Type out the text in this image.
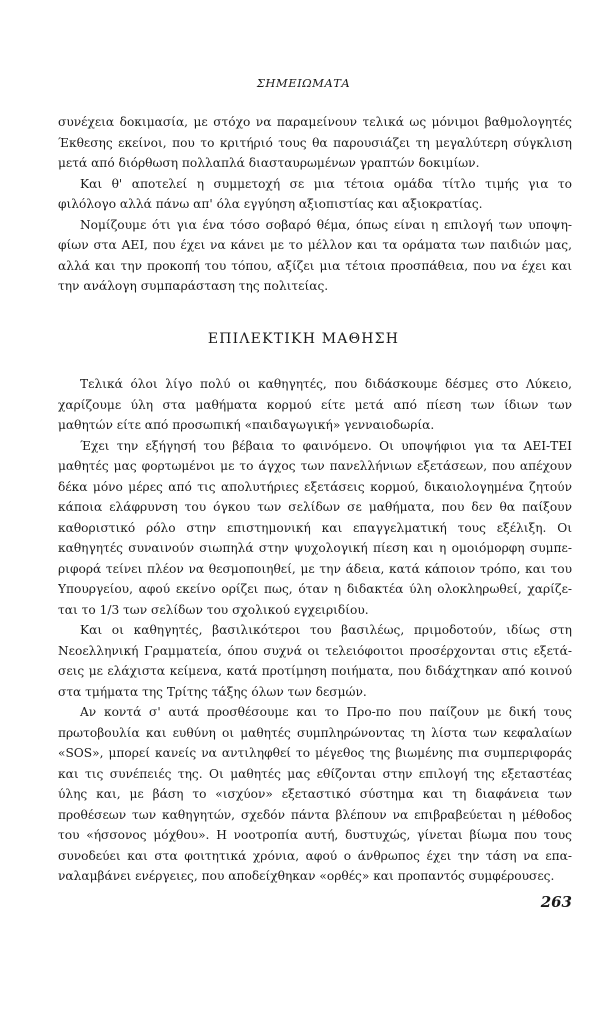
ΣΗΜΕΙΩΜΑΤΑ
συνέχεια δοκιμασία, με στόχο να παραμείνουν τελικά ως μόνιμοι βαθμολογητές
Έκθεσης εκείνοι, που το κριτήριό τους θα παρουσιάζει τη μεγαλύτερη σύγκλιση
μετά από διόρθωση πολλαπλά διασταυρωμένων γραπτών δοκιμίων.
Και θ' αποτελεί η συμμετοχή σε μια τέτοια ομάδα τίτλο τιμής για το
φιλόλογο αλλά πάνω απ' όλα εγγύηση αξιοπιστίας και αξιοκρατίας.
Νομίζουμε ότι για ένα τόσο σοβαρό θέμα, όπως είναι η επιλογή των υποψη-
φίων στα ΑΕΙ, που έχει να κάνει με το μέλλον και τα οράματα των παιδιών μας,
αλλά και την προκοπή του τόπου, αξίζει μια τέτοια προσπάθεια, που να έχει και
την ανάλογη συμπαράσταση της πολιτείας.
ΕΠΙΛΕΚΤΙΚΗ ΜΑΘΗΣΗ
Τελικά όλοι λίγο πολύ οι καθηγητές, που διδάσκουμε δέσμες στο Λύκειο,
χαρίζουμε ύλη στα μαθήματα κορμού είτε μετά από πίεση των ίδιων των
μαθητών είτε από προσωπική «παιδαγωγική» γενναιοδωρία.
Έχει την εξήγησή του βέβαια το φαινόμενο. Οι υποψήφιοι για τα ΑΕΙ-ΤΕΙ
μαθητές μας φορτωμένοι με το άγχος των πανελλήνιων εξετάσεων, που απέχουν
δέκα μόνο μέρες από τις απολυτήριες εξετάσεις κορμού, δικαιολογημένα ζητούν
κάποια ελάφρυνση του όγκου των σελίδων σε μαθήματα, που δεν θα παίξουν
καθοριστικό ρόλο στην επιστημονική και επαγγελματική τους εξέλιξη. Οι
καθηγητές συναινούν σιωπηλά στην ψυχολογική πίεση και η ομοιόμορφη συμπε-
ριφορά τείνει πλέον να θεσμοποιηθεί, με την άδεια, κατά κάποιον τρόπο, και του
Υπουργείου, αφού εκείνο ορίζει πως, όταν η διδακτέα ύλη ολοκληρωθεί, χαρίζε-
ται το 1/3 των σελίδων του σχολικού εγχειριδίου.
Και οι καθηγητές, βασιλικότεροι του βασιλέως, πριμοδοτούν, ιδίως στη
Νεοελληνική Γραμματεία, όπου συχνά οι τελειόφοιτοι προσέρχονται στις εξετά-
σεις με ελάχιστα κείμενα, κατά προτίμηση ποιήματα, που διδάχτηκαν από κοινού
στα τμήματα της Τρίτης τάξης όλων των δεσμών.
Αν κοντά σ' αυτά προσθέσουμε και το Προ-πο που παίζουν με δική τους
πρωτοβουλία και ευθύνη οι μαθητές συμπληρώνοντας τη λίστα των κεφαλαίων
«SOS», μπορεί κανείς να αντιληφθεί το μέγεθος της βιωμένης πια συμπεριφοράς
και τις συνέπειές της. Οι μαθητές μας εθίζονται στην επιλογή της εξεταστέας
ύλης και, με βάση το «ισχύον» εξεταστικό σύστημα και τη διαφάνεια των
προθέσεων των καθηγητών, σχεδόν πάντα βλέπουν να επιβραβεύεται η μέθοδος
του «ήσσονος μόχθου». Η νοοτροπία αυτή, δυστυχώς, γίνεται βίωμα που τους
συνοδεύει και στα φοιτητικά χρόνια, αφού ο άνθρωπος έχει την τάση να επα-
ναλαμβάνει ενέργειες, που αποδείχθηκαν «ορθές» και προπαντός συμφέρουσες.
263
